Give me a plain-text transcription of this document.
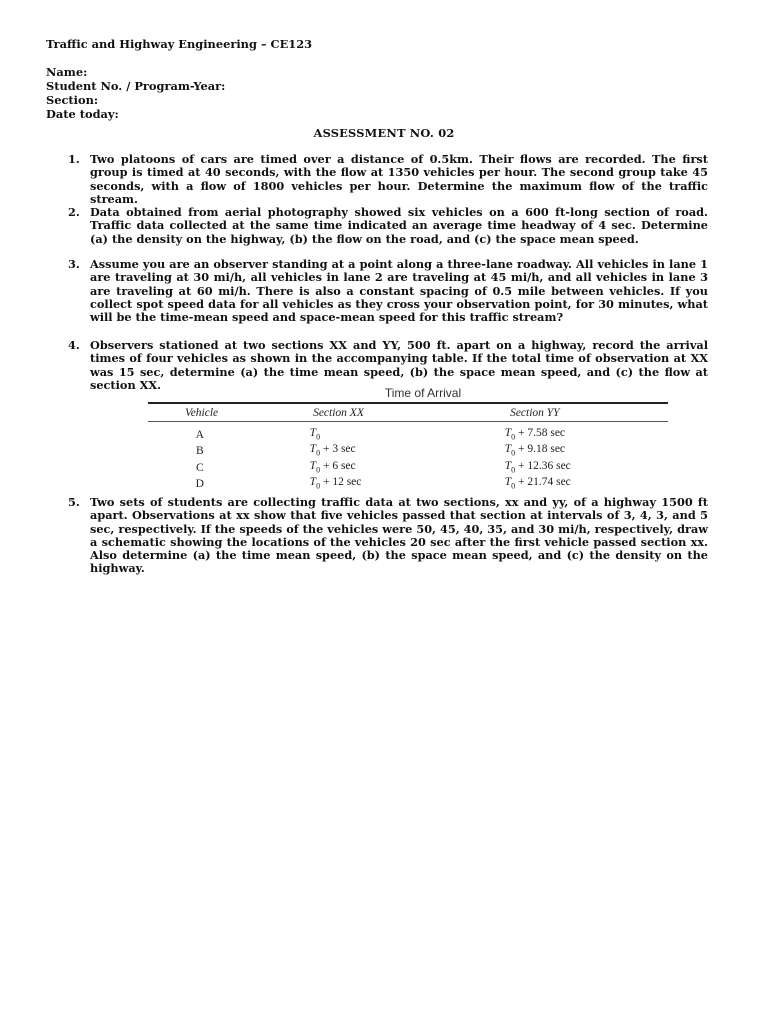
Traffic and Highway Engineering – CE123
Name:
Student No. / Program-Year:
Section:
Date today:
ASSESSMENT NO. 02
1. Two platoons of cars are timed over a distance of 0.5km. Their flows are recorded. The first group is timed at 40 seconds, with the flow at 1350 vehicles per hour. The second group take 45 seconds, with a flow of 1800 vehicles per hour. Determine the maximum flow of the traffic stream.
2. Data obtained from aerial photography showed six vehicles on a 600 ft-long section of road. Traffic data collected at the same time indicated an average time headway of 4 sec. Determine (a) the density on the highway, (b) the flow on the road, and (c) the space mean speed.
3. Assume you are an observer standing at a point along a three-lane roadway. All vehicles in lane 1 are traveling at 30 mi/h, all vehicles in lane 2 are traveling at 45 mi/h, and all vehicles in lane 3 are traveling at 60 mi/h. There is also a constant spacing of 0.5 mile between vehicles. If you collect spot speed data for all vehicles as they cross your observation point, for 30 minutes, what will be the time-mean speed and space-mean speed for this traffic stream?
4. Observers stationed at two sections XX and YY, 500 ft. apart on a highway, record the arrival times of four vehicles as shown in the accompanying table. If the total time of observation at XX was 15 sec, determine (a) the time mean speed, (b) the space mean speed, and (c) the flow at section XX.
Time of Arrival
Vehicle	Section XX	Section YY
A	$T_0$	$T_0 + 7.58$ sec
B	$T_0 + 3$ sec	$T_0 + 9.18$ sec
C	$T_0 + 6$ sec	$T_0 + 12.36$ sec
D	$T_0 + 12$ sec	$T_0 + 21.74$ sec
5. Two sets of students are collecting traffic data at two sections, xx and yy, of a highway 1500 ft apart. Observations at xx show that five vehicles passed that section at intervals of 3, 4, 3, and 5 sec, respectively. If the speeds of the vehicles were 50, 45, 40, 35, and 30 mi/h, respectively, draw a schematic showing the locations of the vehicles 20 sec after the first vehicle passed section xx. Also determine (a) the time mean speed, (b) the space mean speed, and (c) the density on the highway.
